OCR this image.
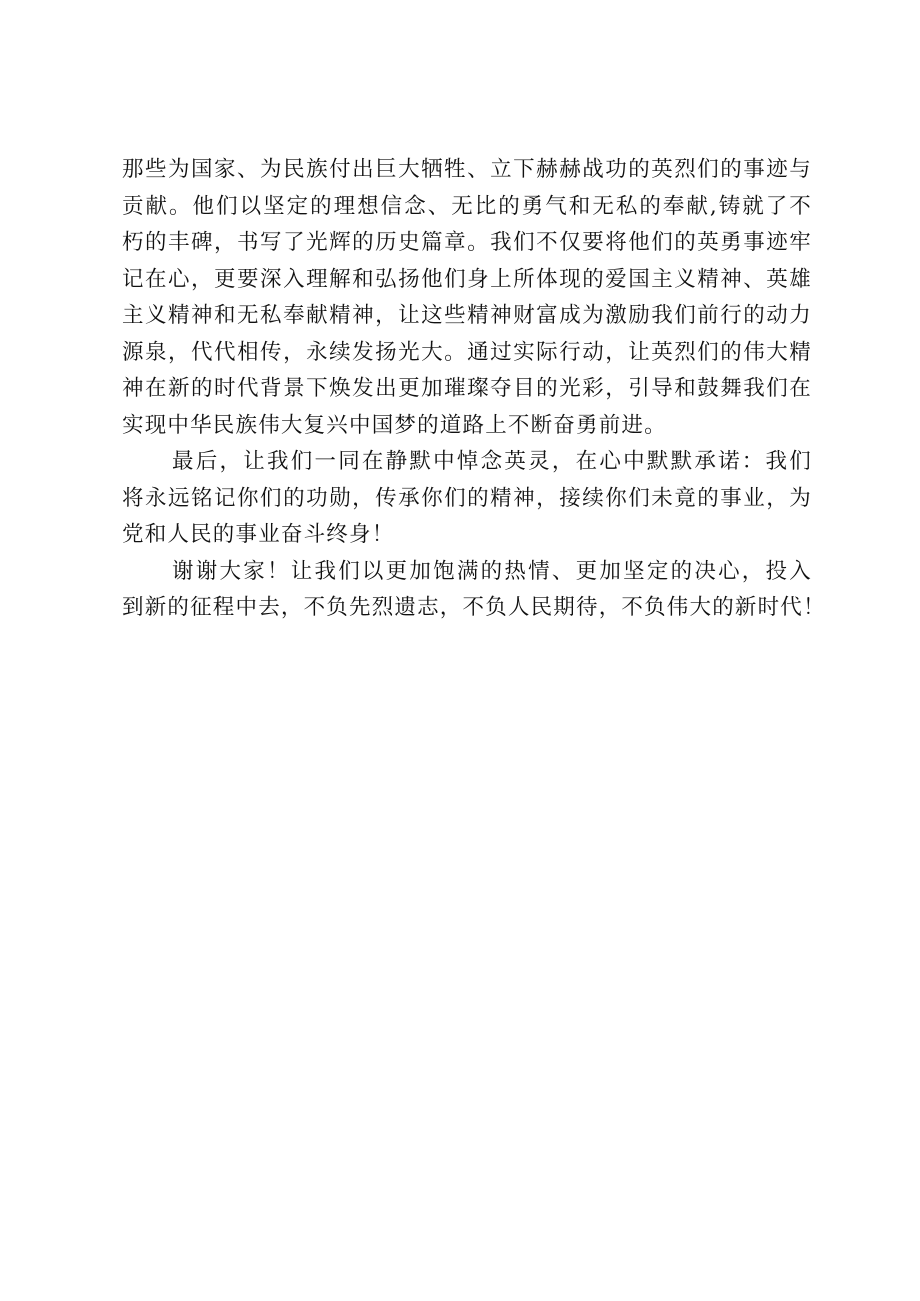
那些为国家、为民族付出巨大牺牲、立下赫赫战功的英烈们的事迹与
贡献。他们以坚定的理想信念、无比的勇气和无私的奉献,铸就了不
朽的丰碑，书写了光辉的历史篇章。我们不仅要将他们的英勇事迹牢
记在心，更要深入理解和弘扬他们身上所体现的爱国主义精神、英雄
主义精神和无私奉献精神，让这些精神财富成为激励我们前行的动力
源泉，代代相传，永续发扬光大。通过实际行动，让英烈们的伟大精
神在新的时代背景下焕发出更加璀璨夺目的光彩，引导和鼓舞我们在
实现中华民族伟大复兴中国梦的道路上不断奋勇前进。
最后，让我们一同在静默中悼念英灵，在心中默默承诺：我们
将永远铭记你们的功勋，传承你们的精神，接续你们未竟的事业，为
党和人民的事业奋斗终身！
谢谢大家！让我们以更加饱满的热情、更加坚定的决心，投入
到新的征程中去，不负先烈遗志，不负人民期待，不负伟大的新时代！
